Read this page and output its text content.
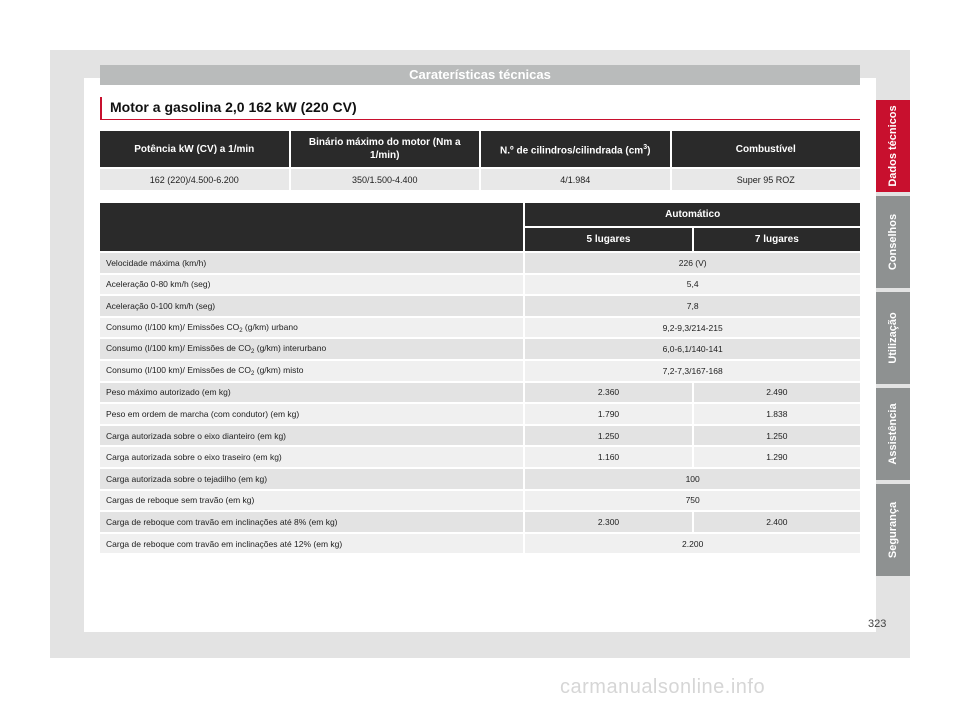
Caraterísticas técnicas
Motor a gasolina 2,0 162 kW (220 CV)
Potência kW (CV) a 1/min	Binário máximo do motor (Nm a 1/min)	N.º de cilindros/cilindrada $(cm^3)$	Combustível
162 (220)/4.500-6.200	350/1.500-4.400	4/1.984	Super 95 ROZ
	Automático	
	5 lugares	7 lugares
Velocidade máxima (km/h)	226 (V)	
Aceleração 0-80 km/h (seg)	5,4	
Aceleração 0-100 km/h (seg)	7,8	
Consumo (l/100 km)/ Emissões $CO_2$ (g/km) urbano	9,2-9,3/214-215	
Consumo (l/100 km)/ Emissões de $CO_2$ (g/km) interurbano	6,0-6,1/140-141	
Consumo (l/100 km)/ Emissões de $CO_2$ (g/km) misto	7,2-7,3/167-168	
Peso máximo autorizado (em kg)	2.360	2.490
Peso em ordem de marcha (com condutor) (em kg)	1.790	1.838
Carga autorizada sobre o eixo dianteiro (em kg)	1.250	1.250
Carga autorizada sobre o eixo traseiro (em kg)	1.160	1.290
Carga autorizada sobre o tejadilho (em kg)	100	
Cargas de reboque sem travão (em kg)	750	
Carga de reboque com travão em inclinações até 8% (em kg)	2.300	2.400
Carga de reboque com travão em inclinações até 12% (em kg)	2.200	
Dados técnicos
Conselhos
Utilização
Assistência
Segurança
323
carmanualsonline.info
